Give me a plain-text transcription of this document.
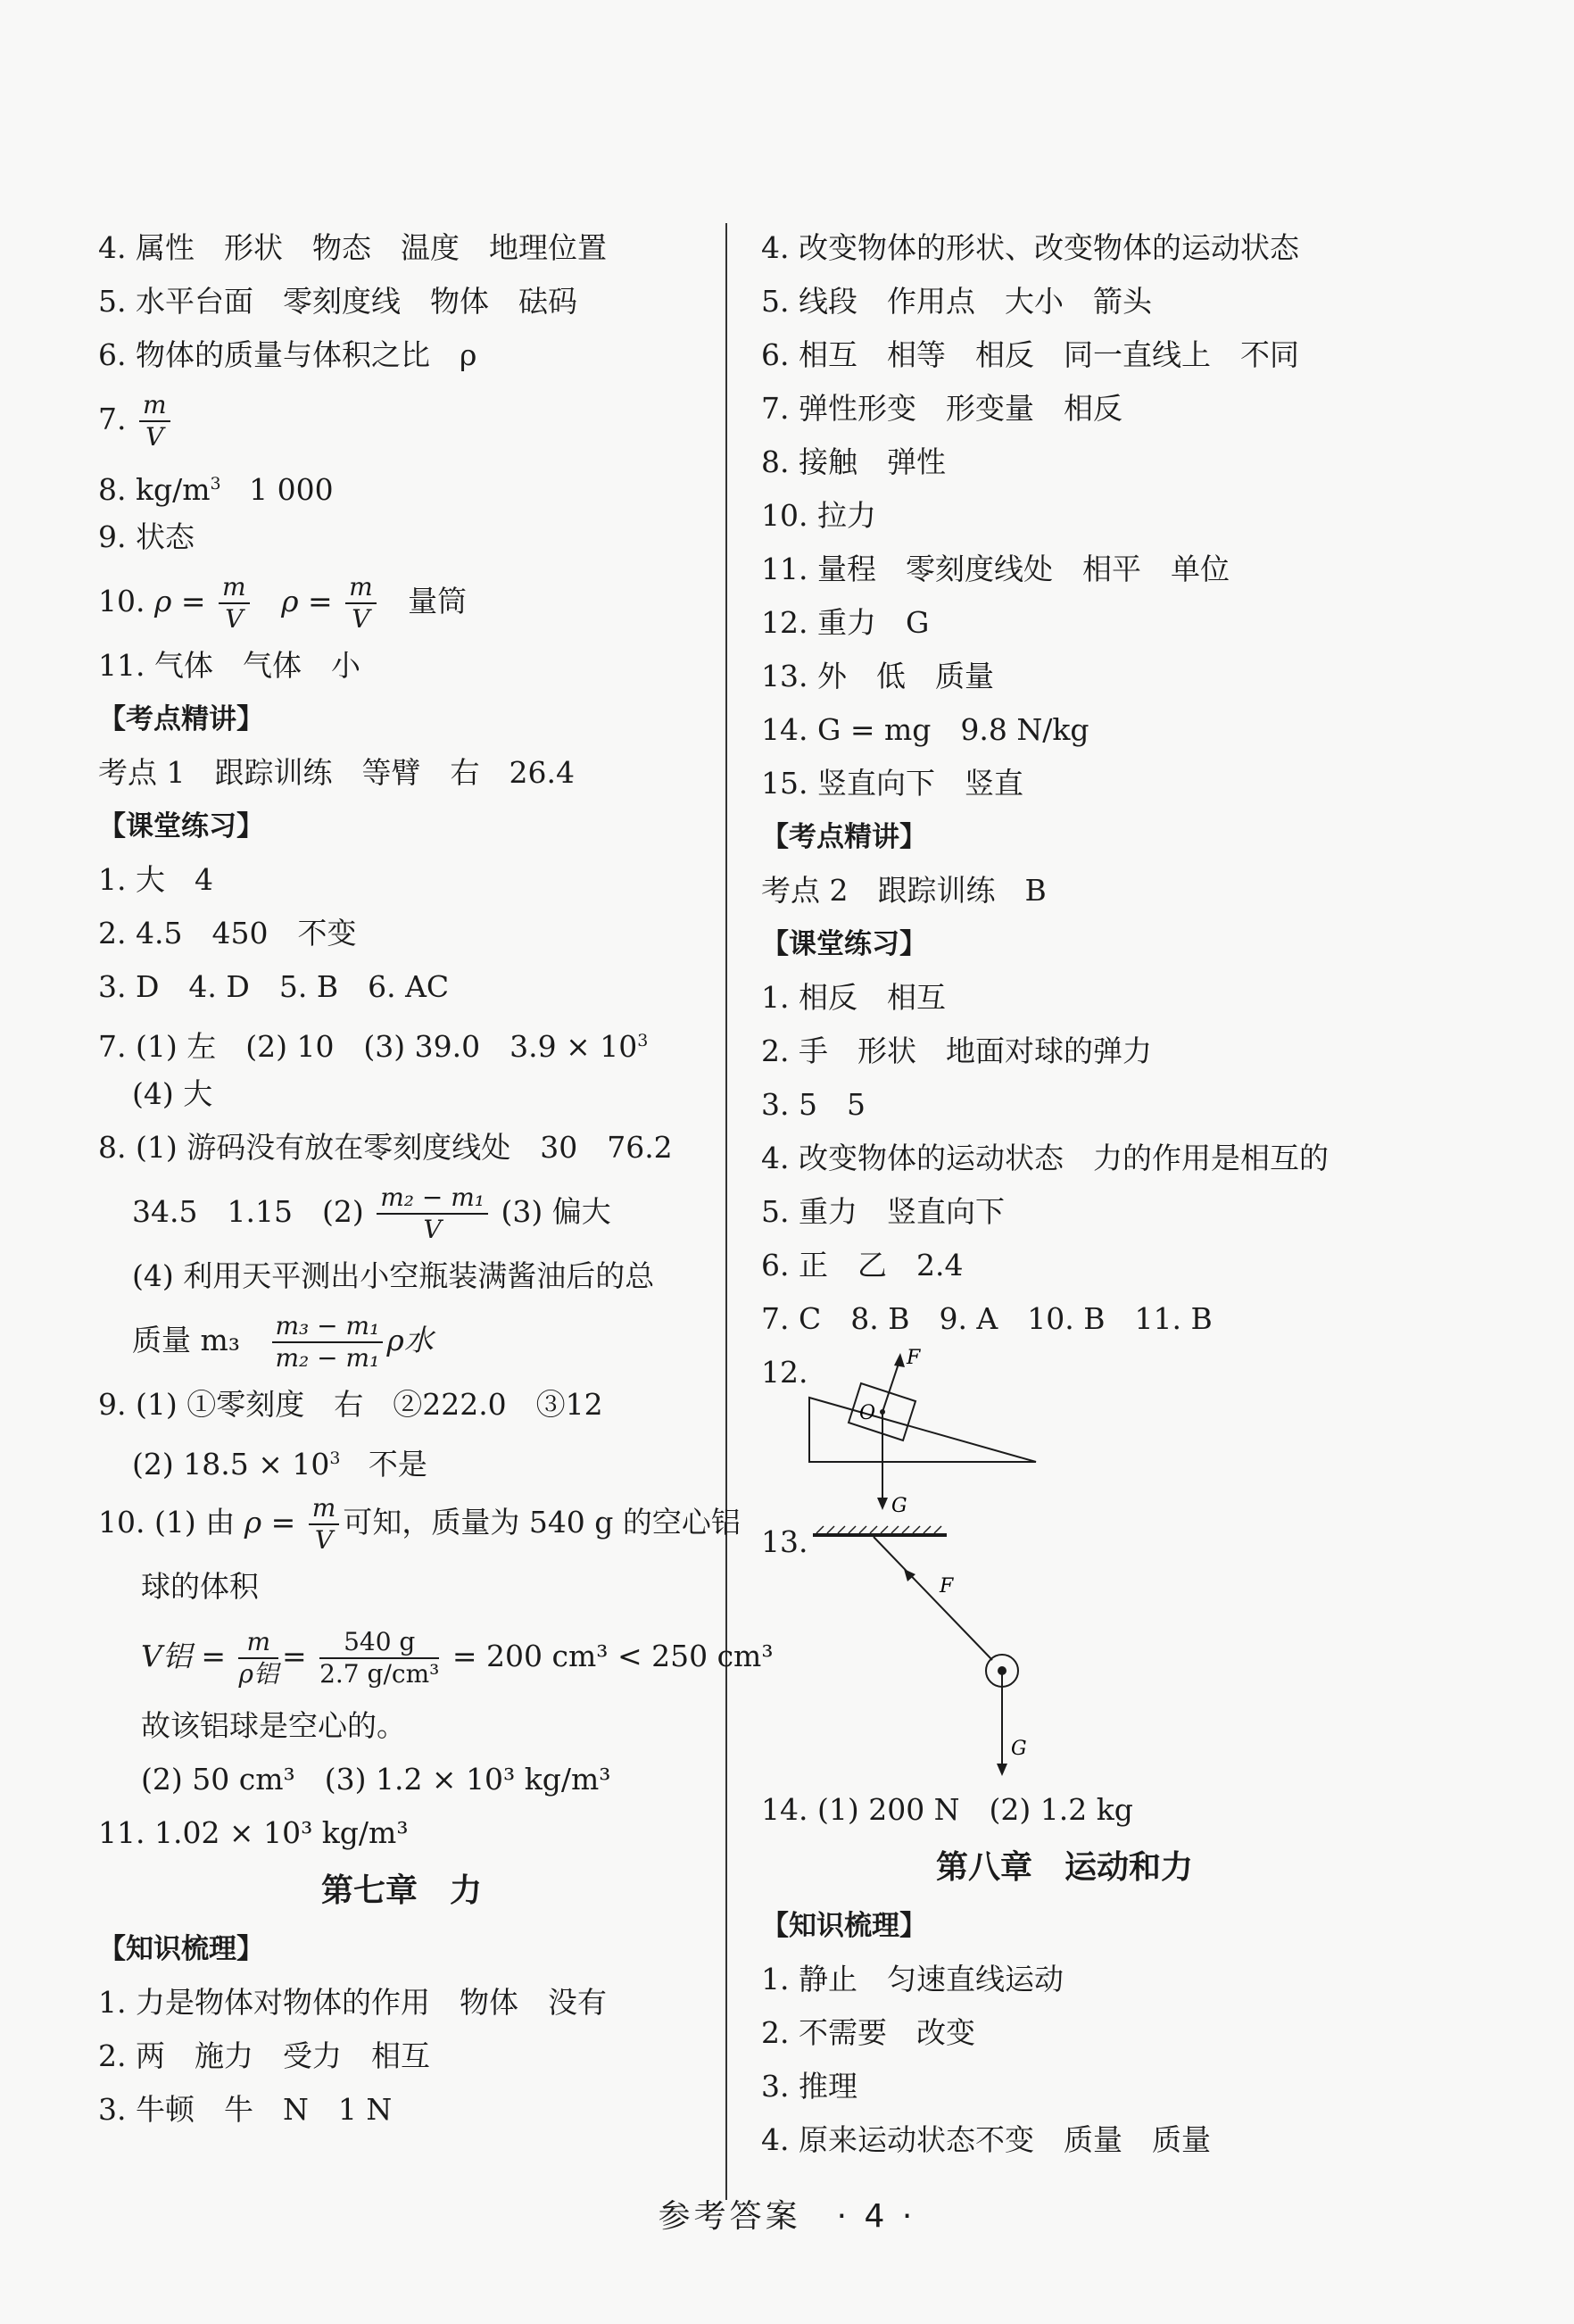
4. 属性　形状　物态　温度　地理位置
5. 水平台面　零刻度线　物体　砝码
6. 物体的质量与体积之比　ρ
7. $\frac{m}{V}$
8. $kg/m^3$ 1 000
9. 状态
10. $\rho = \frac{m}{V}$ $\rho = \frac{m}{V}$ 量筒
11. 气体　气体　小
【考点精讲】
考点 1　跟踪训练　等臂　右　26.4
【课堂练习】
1. 大　4
2. 4.5　450　不变
3. D　4. D　5. B　6. AC
7. (1) 左　(2) 10　(3) 39.0　$3.9 \times 10^3$
(4) 大
8. (1) 游码没有放在零刻度线处　30　76.2
34.5　1.15　$(2) \frac{\text{m₂ − m₁}}{V} (3)$ 偏大
(4) 利用天平测出小空瓶装满酱油后的总
质量 $m_3 \frac{\text{m₃ − m₁}}{\text{m₂ − m₁}}$ ρ水
9. (1) ①零刻度　右　②222.0　③12
(2) $18.5 \times 10^3$ 不是
10. (1) 由 $\rho = \frac{m}{V}$ 可知，质量为 540 g 的空心铝
球的体积
V铝 = $\frac{m}{\text{ρ铝}} = \frac{540 g}{\text{2.7 g/cm³}} = 200$ cm³ < 250 cm³
故该铝球是空心的。
(2) 50 cm³　(3) 1.2 × 10³ kg/m³
11. 1.02 × 10³ kg/m³
第七章　力
【知识梳理】
1. 力是物体对物体的作用　物体　没有
2. 两　施力　受力　相互
3. 牛顿　牛　N　1 N
4. 改变物体的形状、改变物体的运动状态
5. 线段　作用点　大小　箭头
6. 相互　相等　相反　同一直线上　不同
7. 弹性形变　形变量　相反
8. 接触　弹性
10. 拉力
11. 量程　零刻度线处　相平　单位
12. 重力　G
13. 外　低　质量
14. G = mg　9.8 N/kg
15. 竖直向下　竖直
【考点精讲】
考点 2　跟踪训练　B
【课堂练习】
1. 相反　相互
2. 手　形状　地面对球的弹力
3. 5　5
4. 改变物体的运动状态　力的作用是相互的
5. 重力　竖直向下
6. 正　乙　2.4
7. C　8. B　9. A　10. B　11. B
12.	F
O
G
13.
F
G
14. (1) 200 N　(2) 1.2 kg
第八章　运动和力
【知识梳理】
1. 静止　匀速直线运动
2. 不需要　改变
3. 推理
4. 原来运动状态不变　质量　质量
参考答案　· 4 ·
